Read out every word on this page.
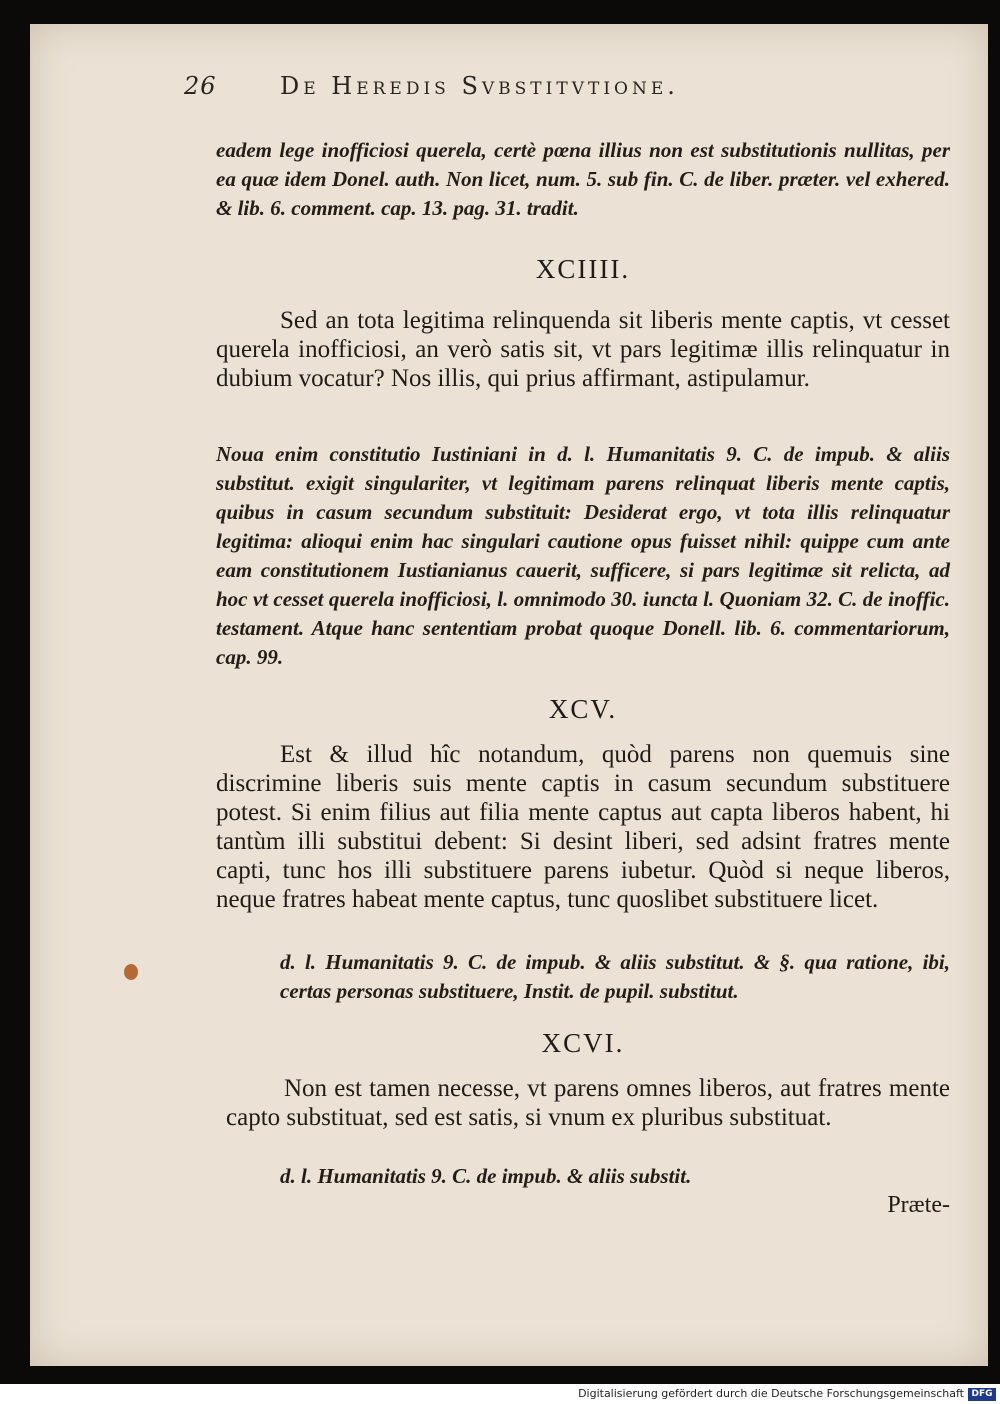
26	De Heredis Svbstitvtione.
eadem lege inofficiosi querela, certè pœna illius non est substitutionis nullitas, per ea quæ idem Donel. auth. Non licet, num. 5. sub fin. C. de liber. præter. vel exhered. & lib. 6. comment. cap. 13. pag. 31. tradit.
XCIIII.
Sed an tota legitima relinquenda sit liberis mente captis, vt cesset querela inofficiosi, an verò satis sit, vt pars legitimæ illis relinquatur in dubium vocatur? Nos illis, qui prius affirmant, astipulamur.
Noua enim constitutio Iustiniani in d. l. Humanitatis 9. C. de impub. & aliis substitut. exigit singulariter, vt legitimam parens relinquat liberis mente captis, quibus in casum secundum substituit: Desiderat ergo, vt tota illis relinquatur legitima: alioqui enim hac singulari cautione opus fuisset nihil: quippe cum ante eam constitutionem Iustianianus cauerit, sufficere, si pars legitimæ sit relicta, ad hoc vt cesset querela inofficiosi, l. omnimodo 30. iuncta l. Quoniam 32. C. de inoffic. testament. Atque hanc sententiam probat quoque Donell. lib. 6. commentariorum, cap. 99.
XCV.
Est & illud hîc notandum, quòd parens non quemuis sine discrimine liberis suis mente captis in casum secundum substituere potest. Si enim filius aut filia mente captus aut capta liberos habent, hi tantùm illi substitui debent: Si desint liberi, sed adsint fratres mente capti, tunc hos illi substituere parens iubetur. Quòd si neque liberos, neque fratres habeat mente captus, tunc quoslibet substituere licet.
d. l. Humanitatis 9. C. de impub. & aliis substitut. & §. qua ratione, ibi, certas personas substituere, Instit. de pupil. substitut.
XCVI.
Non est tamen necesse, vt parens omnes liberos, aut fratres mente capto substituat, sed est satis, si vnum ex pluribus substituat.
d. l. Humanitatis 9. C. de impub. & aliis substit.
Præte-
Digitalisierung gefördert durch die Deutsche Forschungsgemeinschaft DFG
